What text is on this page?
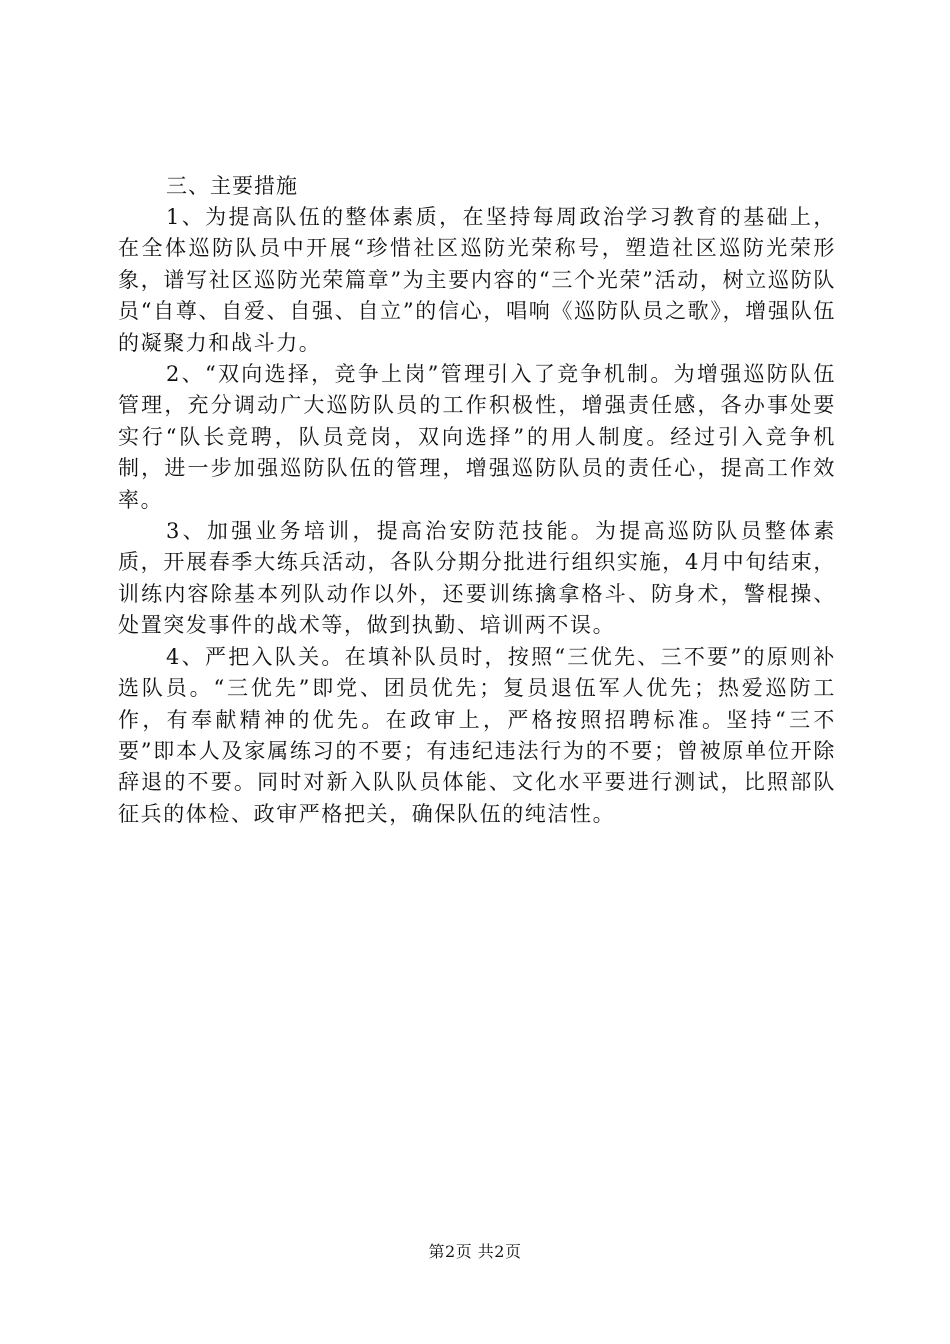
三、主要措施

1、为提高队伍的整体素质，在坚持每周政治学习教育的基础上，在全体巡防队员中开展“珍惜社区巡防光荣称号，塑造社区巡防光荣形象，谱写社区巡防光荣篇章”为主要内容的“三个光荣”活动，树立巡防队员“自尊、自爱、自强、自立”的信心，唱响《巡防队员之歌》，增强队伍的凝聚力和战斗力。

2、“双向选择，竞争上岗”管理引入了竞争机制。为增强巡防队伍管理，充分调动广大巡防队员的工作积极性，增强责任感，各办事处要实行“队长竞聘，队员竞岗，双向选择”的用人制度。经过引入竞争机制，进一步加强巡防队伍的管理，增强巡防队员的责任心，提高工作效率。

3、加强业务培训，提高治安防范技能。为提高巡防队员整体素质，开展春季大练兵活动，各队分期分批进行组织实施，4月中旬结束，训练内容除基本列队动作以外，还要训练擒拿格斗、防身术，警棍操、处置突发事件的战术等，做到执勤、培训两不误。

4、严把入队关。在填补队员时，按照“三优先、三不要”的原则补选队员。“三优先”即党、团员优先；复员退伍军人优先；热爱巡防工作，有奉献精神的优先。在政审上，严格按照招聘标准。坚持“三不要”即本人及家属练习的不要；有违纪违法行为的不要；曾被原单位开除辞退的不要。同时对新入队队员体能、文化水平要进行测试，比照部队征兵的体检、政审严格把关，确保队伍的纯洁性。

第2页 共2页
